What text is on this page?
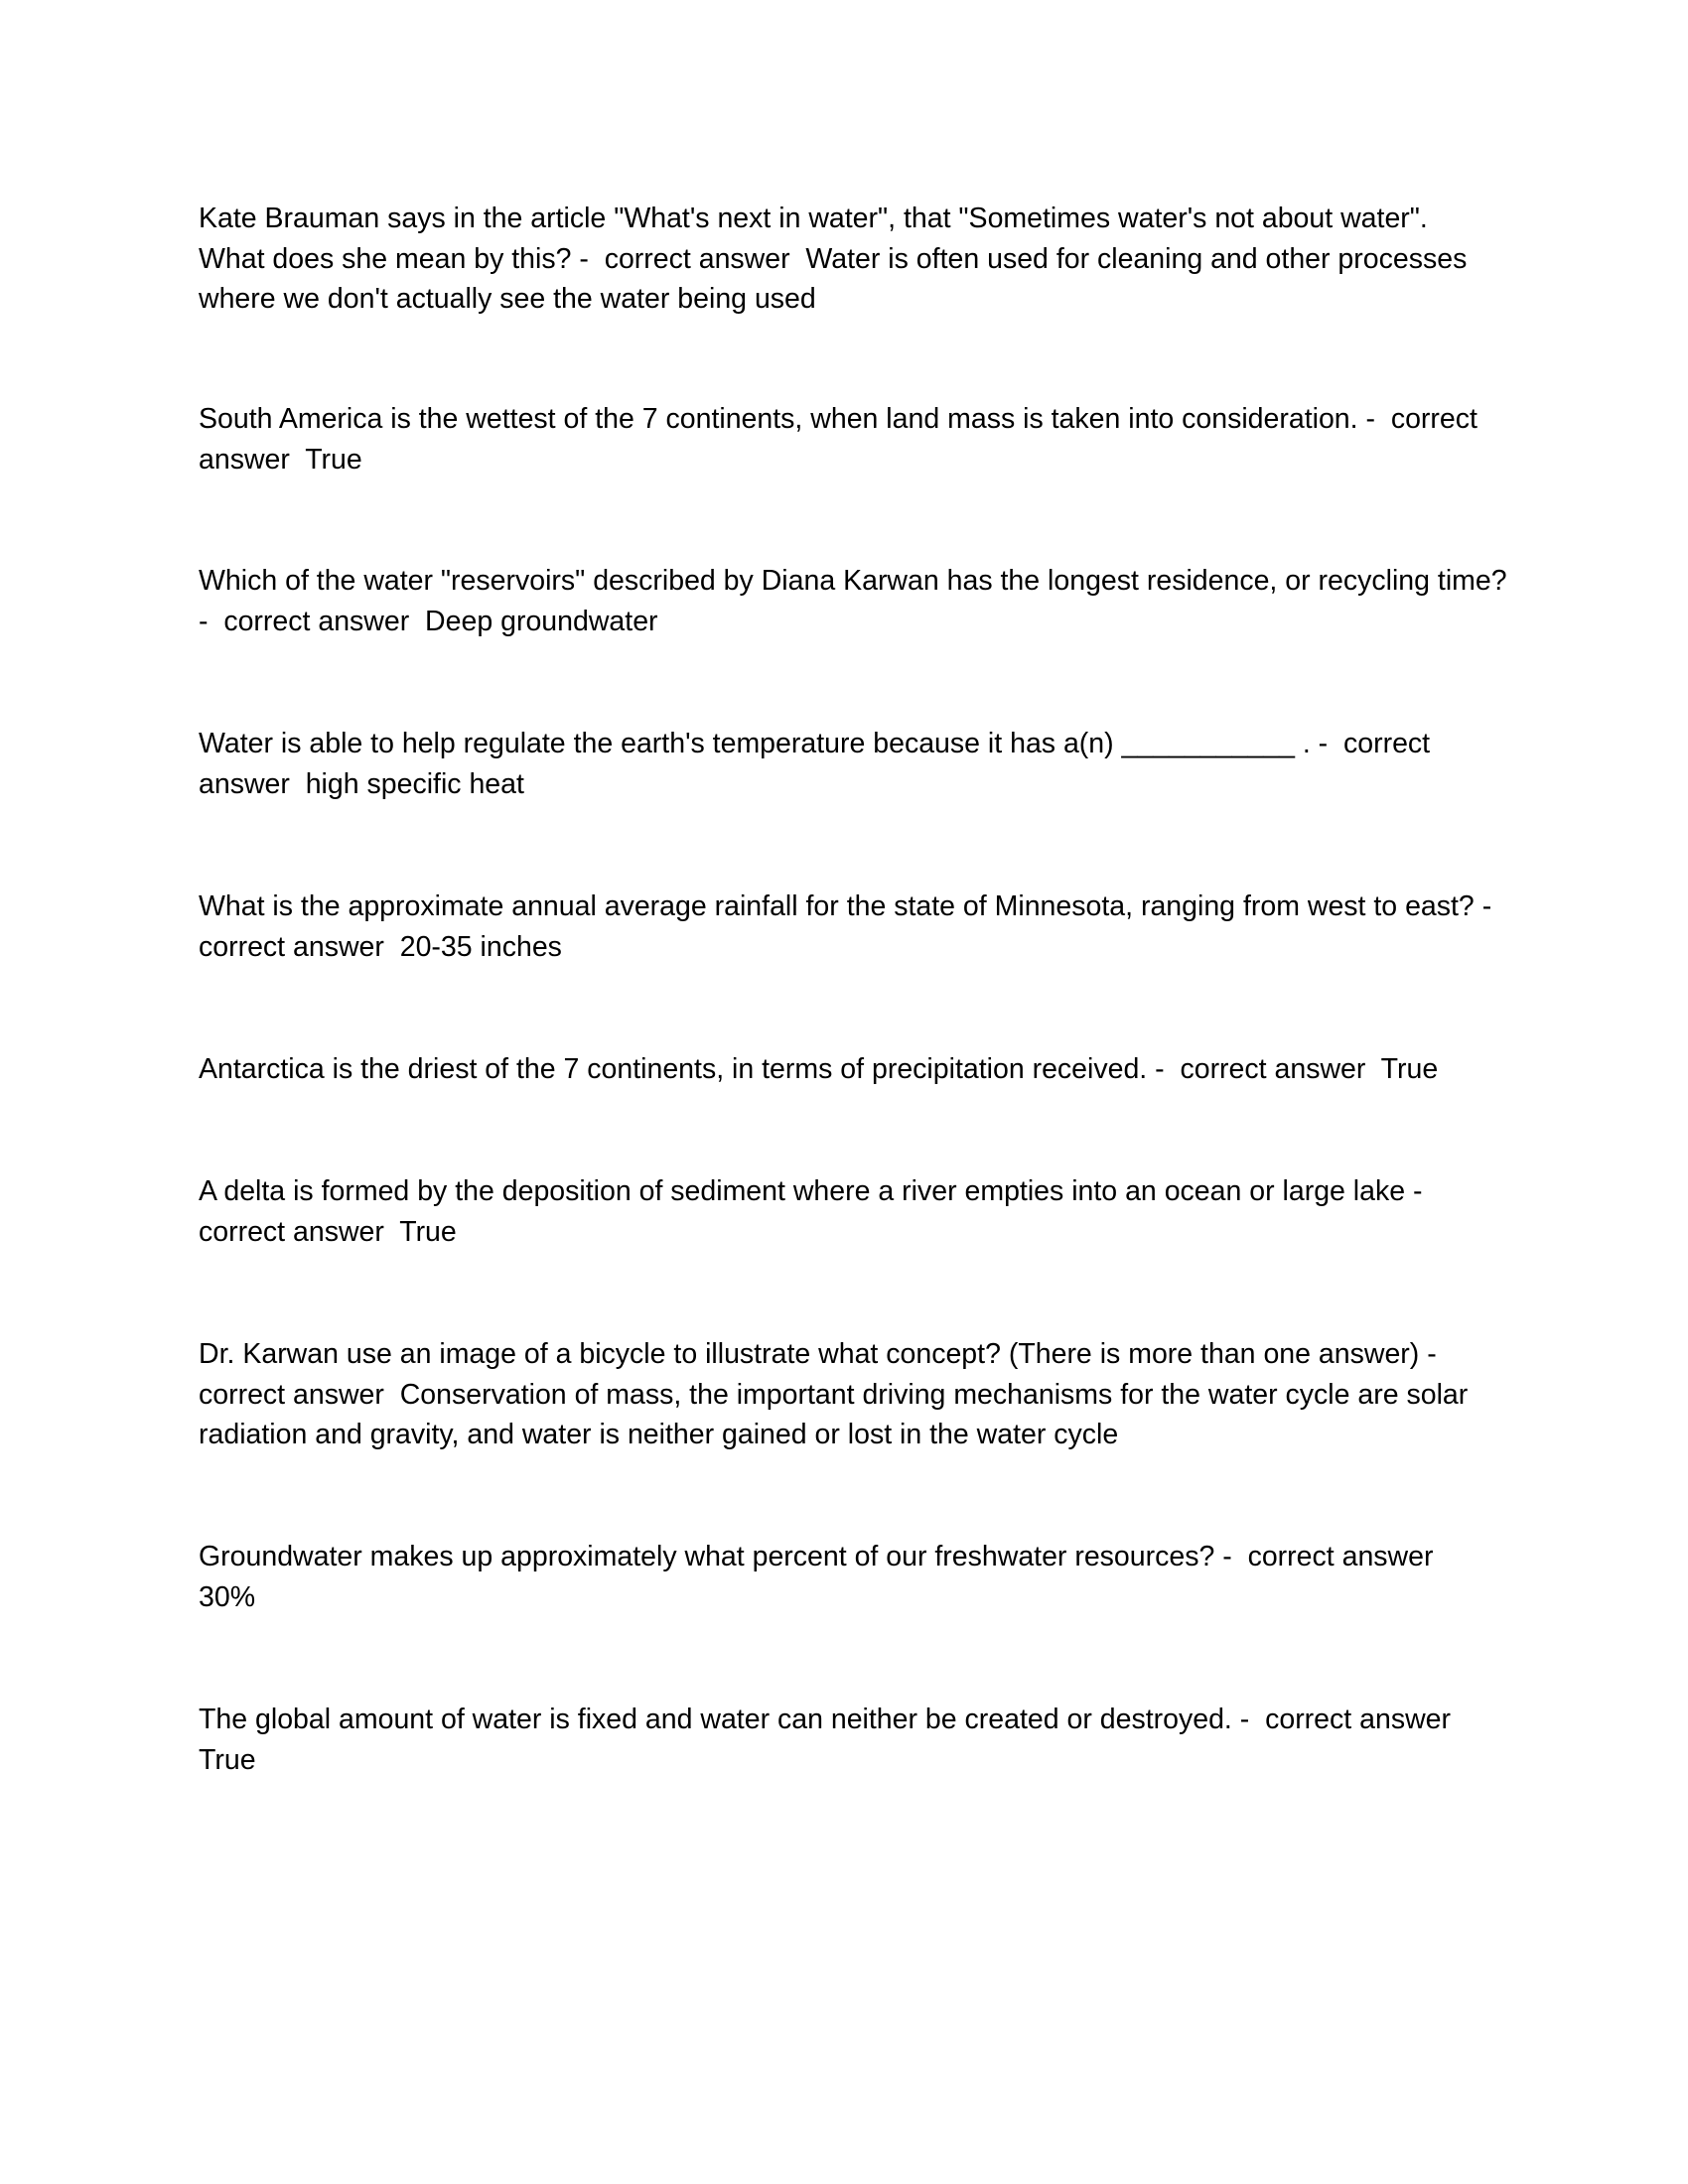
Kate Brauman says in the article "What's next in water", that "Sometimes water's not about water".
What does she mean by this? -  correct answer  Water is often used for cleaning and other processes
where we don't actually see the water being used
South America is the wettest of the 7 continents, when land mass is taken into consideration. -  correct
answer  True
Which of the water "reservoirs" described by Diana Karwan has the longest residence, or recycling time?
-  correct answer  Deep groundwater
Water is able to help regulate the earth's temperature because it has a(n) ___________ . -  correct
answer  high specific heat
What is the approximate annual average rainfall for the state of Minnesota, ranging from west to east? -
correct answer  20-35 inches
Antarctica is the driest of the 7 continents, in terms of precipitation received. -  correct answer  True
A delta is formed by the deposition of sediment where a river empties into an ocean or large lake -
correct answer  True
Dr. Karwan use an image of a bicycle to illustrate what concept? (There is more than one answer) -
correct answer  Conservation of mass, the important driving mechanisms for the water cycle are solar
radiation and gravity, and water is neither gained or lost in the water cycle
Groundwater makes up approximately what percent of our freshwater resources? -  correct answer
30%
The global amount of water is fixed and water can neither be created or destroyed. -  correct answer
True
